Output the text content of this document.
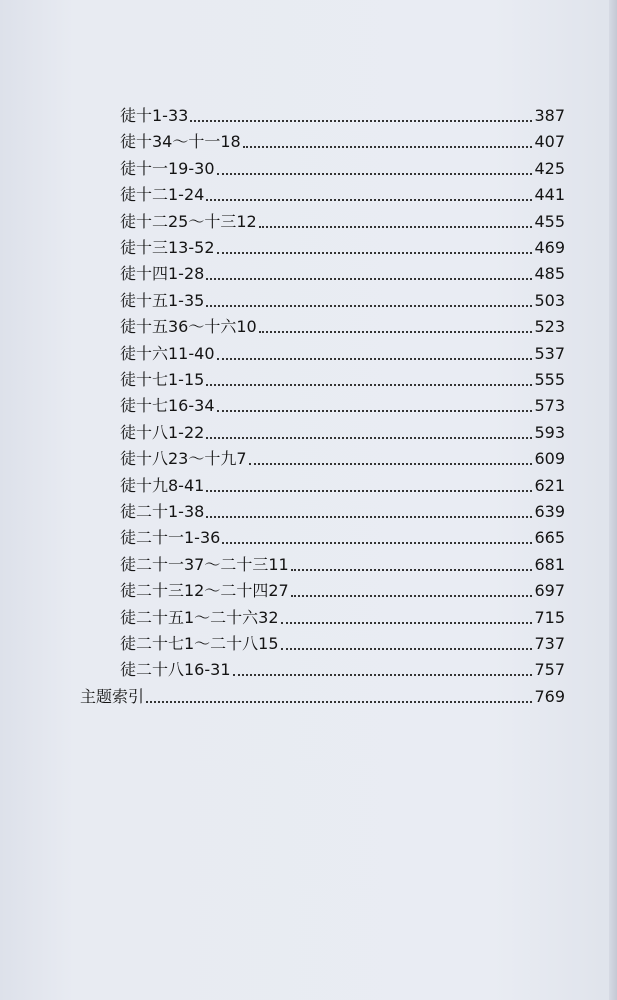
徒十1-33	387
徒十34～十一18	407
徒十一19-30	425
徒十二1-24	441
徒十二25～十三12	455
徒十三13-52	469
徒十四1-28	485
徒十五1-35	503
徒十五36～十六10	523
徒十六11-40	537
徒十七1-15	555
徒十七16-34	573
徒十八1-22	593
徒十八23～十九7	609
徒十九8-41	621
徒二十1-38	639
徒二十一1-36	665
徒二十一37～二十三11	681
徒二十三12～二十四27	697
徒二十五1～二十六32	715
徒二十七1～二十八15	737
徒二十八16-31	757
主题索引	769
